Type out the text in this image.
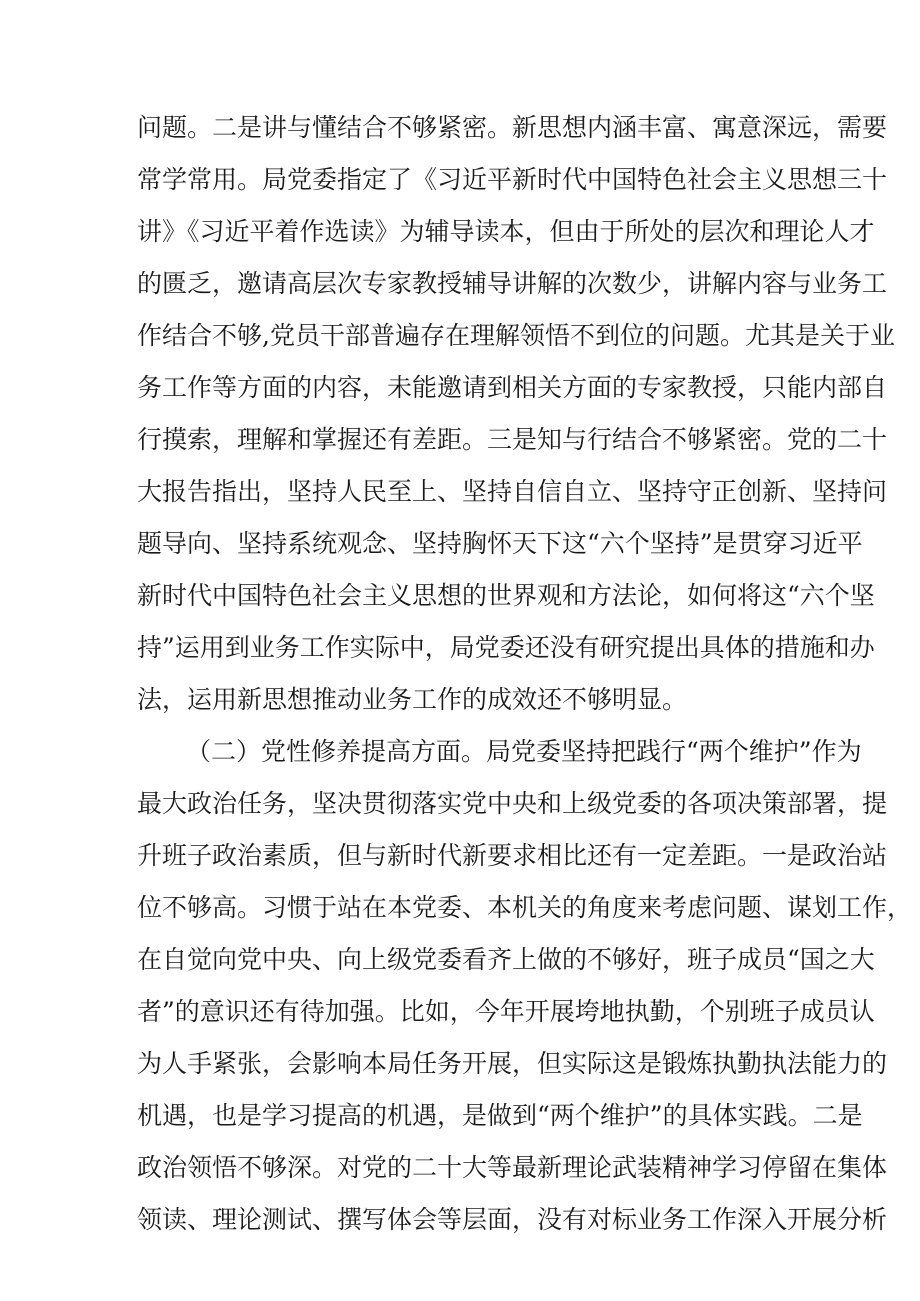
问题。二是讲与懂结合不够紧密。新思想内涵丰富、寓意深远，需要

常学常用。局党委指定了《习近平新时代中国特色社会主义思想三十

讲》《习近平着作选读》为辅导读本，但由于所处的层次和理论人才

的匮乏，邀请高层次专家教授辅导讲解的次数少，讲解内容与业务工

作结合不够,党员干部普遍存在理解领悟不到位的问题。尤其是关于业

务工作等方面的内容，未能邀请到相关方面的专家教授，只能内部自

行摸索，理解和掌握还有差距。三是知与行结合不够紧密。党的二十

大报告指出，坚持人民至上、坚持自信自立、坚持守正创新、坚持问

题导向、坚持系统观念、坚持胸怀天下这“六个坚持”是贯穿习近平

新时代中国特色社会主义思想的世界观和方法论，如何将这“六个坚

持”运用到业务工作实际中，局党委还没有研究提出具体的措施和办

法，运用新思想推动业务工作的成效还不够明显。

（二）党性修养提高方面。局党委坚持把践行“两个维护”作为

最大政治任务，坚决贯彻落实党中央和上级党委的各项决策部署，提

升班子政治素质，但与新时代新要求相比还有一定差距。一是政治站

位不够高。习惯于站在本党委、本机关的角度来考虑问题、谋划工作，

在自觉向党中央、向上级党委看齐上做的不够好，班子成员“国之大

者”的意识还有待加强。比如，今年开展垮地执勤，个别班子成员认

为人手紧张，会影响本局任务开展，但实际这是锻炼执勤执法能力的

机遇，也是学习提高的机遇，是做到“两个维护”的具体实践。二是

政治领悟不够深。对党的二十大等最新理论武装精神学习停留在集体

领读、理论测试、撰写体会等层面，没有对标业务工作深入开展分析
